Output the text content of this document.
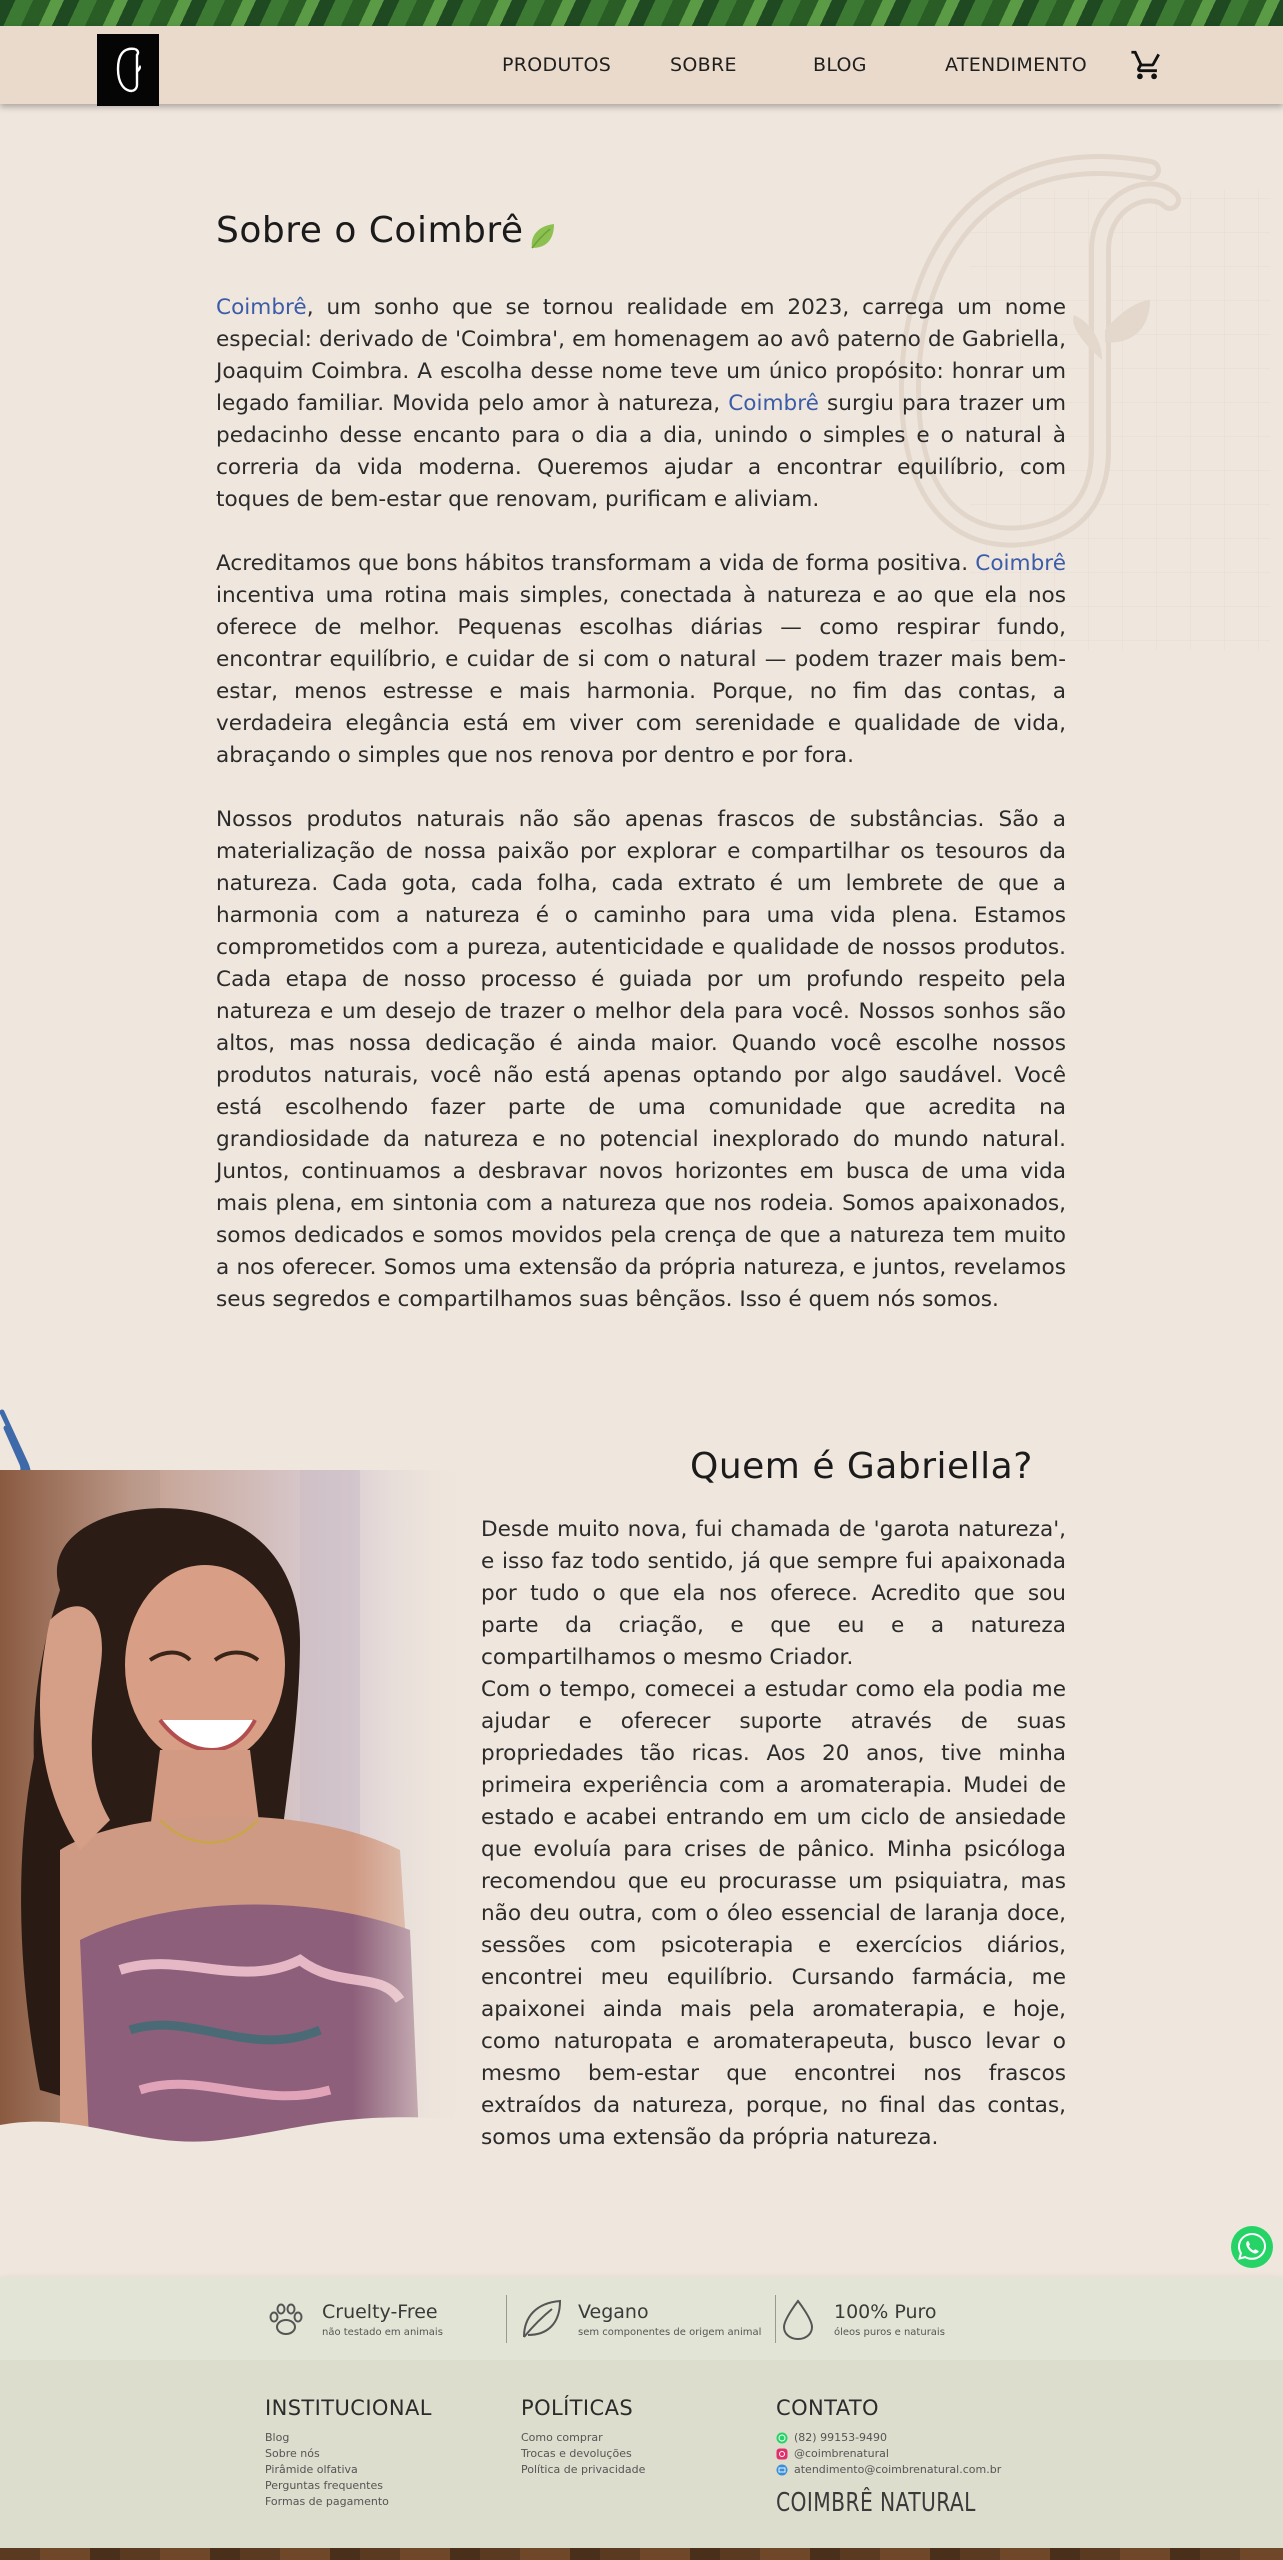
PRODUTOS	SOBRE	BLOG	ATENDIMENTO
Sobre o Coimbrê

Coimbrê, um sonho que se tornou realidade em 2023, carrega um nome especial: derivado de 'Coimbra', em homenagem ao avô paterno de Gabriella, Joaquim Coimbra. A escolha desse nome teve um único propósito: honrar um legado familiar. Movida pelo amor à natureza, Coimbrê surgiu para trazer um pedacinho desse encanto para o dia a dia, unindo o simples e o natural à correria da vida moderna. Queremos ajudar a encontrar equilíbrio, com toques de bem-estar que renovam, purificam e aliviam.

Acreditamos que bons hábitos transformam a vida de forma positiva. Coimbrê incentiva uma rotina mais simples, conectada à natureza e ao que ela nos oferece de melhor. Pequenas escolhas diárias — como respirar fundo, encontrar equilíbrio, e cuidar de si com o natural — podem trazer mais bem-estar, menos estresse e mais harmonia. Porque, no fim das contas, a verdadeira elegância está em viver com serenidade e qualidade de vida, abraçando o simples que nos renova por dentro e por fora.

Nossos produtos naturais não são apenas frascos de substâncias. São a materialização de nossa paixão por explorar e compartilhar os tesouros da natureza. Cada gota, cada folha, cada extrato é um lembrete de que a harmonia com a natureza é o caminho para uma vida plena. Estamos comprometidos com a pureza, autenticidade e qualidade de nossos produtos. Cada etapa de nosso processo é guiada por um profundo respeito pela natureza e um desejo de trazer o melhor dela para você. Nossos sonhos são altos, mas nossa dedicação é ainda maior. Quando você escolhe nossos produtos naturais, você não está apenas optando por algo saudável. Você está escolhendo fazer parte de uma comunidade que acredita na grandiosidade da natureza e no potencial inexplorado do mundo natural. Juntos, continuamos a desbravar novos horizontes em busca de uma vida mais plena, em sintonia com a natureza que nos rodeia. Somos apaixonados, somos dedicados e somos movidos pela crença de que a natureza tem muito a nos oferecer. Somos uma extensão da própria natureza, e juntos, revelamos seus segredos e compartilhamos suas bênçãos. Isso é quem nós somos.

Quem é Gabriella?

Desde muito nova, fui chamada de 'garota natureza', e isso faz todo sentido, já que sempre fui apaixonada por tudo o que ela nos oferece. Acredito que sou parte da criação, e que eu e a natureza compartilhamos o mesmo Criador.

Com o tempo, comecei a estudar como ela podia me ajudar e oferecer suporte através de suas propriedades tão ricas. Aos 20 anos, tive minha primeira experiência com a aromaterapia. Mudei de estado e acabei entrando em um ciclo de ansiedade que evoluía para crises de pânico. Minha psicóloga recomendou que eu procurasse um psiquiatra, mas não deu outra, com o óleo essencial de laranja doce, sessões com psicoterapia e exercícios diários, encontrei meu equilíbrio. Cursando farmácia, me apaixonei ainda mais pela aromaterapia, e hoje, como naturopata e aromaterapeuta, busco levar o mesmo bem-estar que encontrei nos frascos extraídos da natureza, porque, no final das contas, somos uma extensão da própria natureza.

Cruelty-Free
não testado em animais
Vegano
sem componentes de origem animal
100% Puro
óleos puros e naturais
INSTITUCIONAL
Blog
Sobre nós
Pirâmide olfativa
Perguntas frequentes
Formas de pagamento
POLÍTICAS
Como comprar
Trocas e devoluções
Política de privacidade
CONTATO
(82) 99153-9490
@coimbrenatural
atendimento@coimbrenatural.com.br
COIMBRÊ NATURAL
